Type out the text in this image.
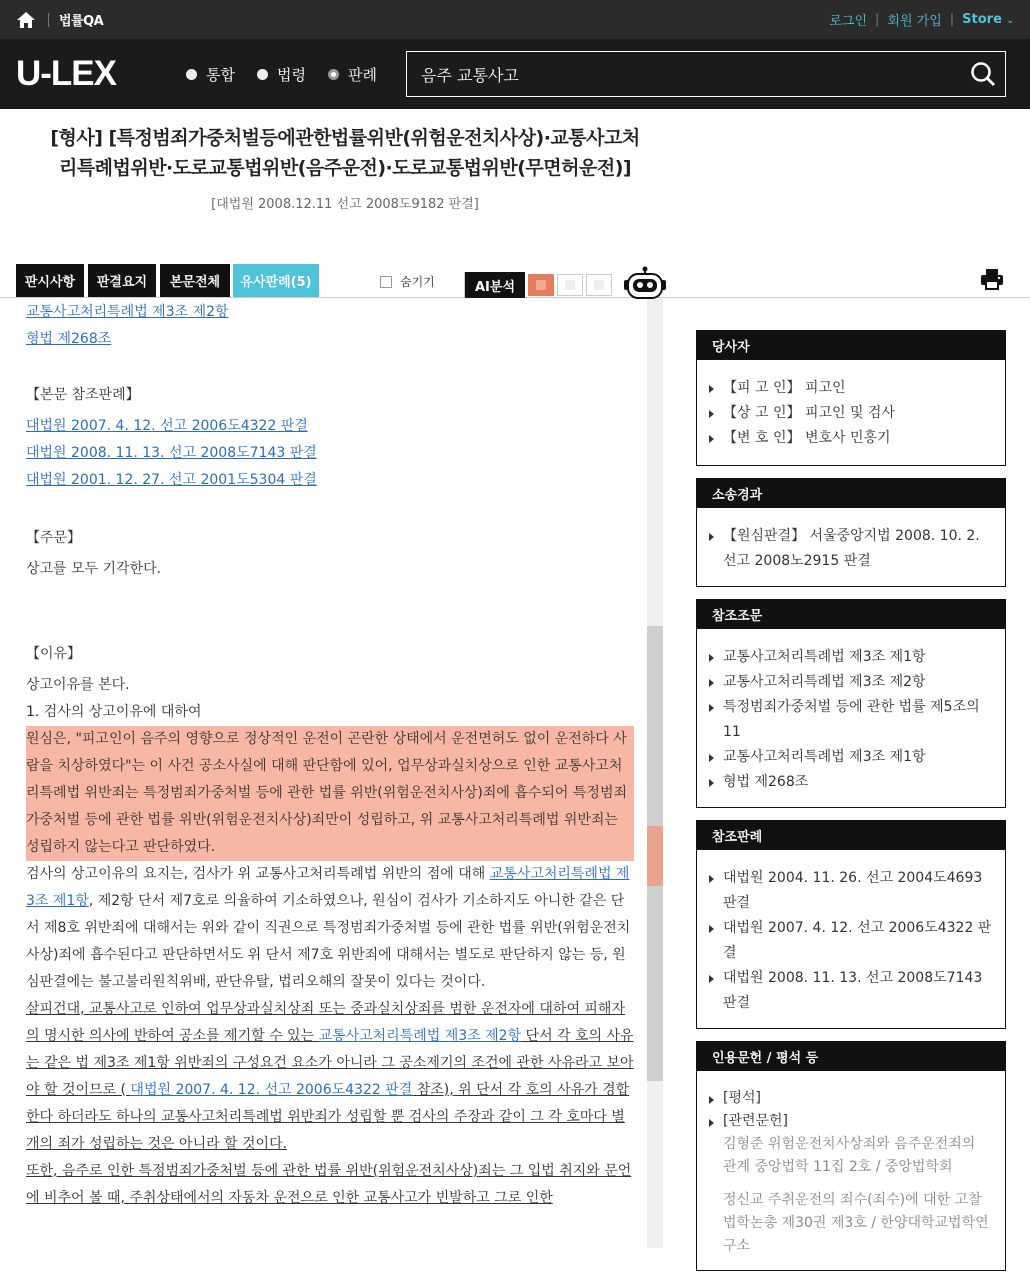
법률QA	로그인 | 회원 가입 | Store ⌄
U-LEX	통합	법령	판례
음주 교통사고
[형사] [특정범죄가중처벌등에관한법률위반(위험운전치사상)·교통사고처리특례법위반·도로교통법위반(음주운전)·도로교통법위반(무면허운전)]
[대법원 2008.12.11 선고 2008도9182 판결]
판시사항	판결요지	본문전체	유사판례(5)	숨기기	AI분석
교통사고처리특례법 제3조 제2항
형법 제268조
【본문 참조판례】
대법원 2007. 4. 12. 선고 2006도4322 판결
대법원 2008. 11. 13. 선고 2008도7143 판결
대법원 2001. 12. 27. 선고 2001도5304 판결
【주문】
상고를 모두 기각한다.
【이유】
상고이유를 본다.
1. 검사의 상고이유에 대하여
원심은, "피고인이 음주의 영향으로 정상적인 운전이 곤란한 상태에서 운전면허도 없이 운전하다 사람을 치상하였다"는 이 사건 공소사실에 대해 판단함에 있어, 업무상과실치상으로 인한 교통사고처리특례법 위반죄는 특정범죄가중처벌 등에 관한 법률 위반(위험운전치사상)죄에 흡수되어 특정범죄가중처벌 등에 관한 법률 위반(위험운전치사상)죄만이 성립하고, 위 교통사고처리특례법 위반죄는 성립하지 않는다고 판단하였다.
검사의 상고이유의 요지는, 검사가 위 교통사고처리특례법 위반의 점에 대해 교통사고처리특례법 제3조 제1항, 제2항 단서 제7호로 의율하여 기소하였으나, 원심이 검사가 기소하지도 아니한 같은 단서 제8호 위반죄에 대해서는 위와 같이 직권으로 특정범죄가중처벌 등에 관한 법률 위반(위험운전치사상)죄에 흡수된다고 판단하면서도 위 단서 제7호 위반죄에 대해서는 별도로 판단하지 않는 등, 원심판결에는 불고불리원칙위배, 판단유탈, 법리오해의 잘못이 있다는 것이다.
살피건대, 교통사고로 인하여 업무상과실치상죄 또는 중과실치상죄를 범한 운전자에 대하여 피해자의 명시한 의사에 반하여 공소를 제기할 수 있는 교통사고처리특례법 제3조 제2항 단서 각 호의 사유는 같은 법 제3조 제1항 위반죄의 구성요건 요소가 아니라 그 공소제기의 조건에 관한 사유라고 보아야 할 것이므로 ( 대법원 2007. 4. 12. 선고 2006도4322 판결 참조), 위 단서 각 호의 사유가 경합한다 하더라도 하나의 교통사고처리특례법 위반죄가 성립할 뿐 검사의 주장과 같이 그 각 호마다 별개의 죄가 성립하는 것은 아니라 할 것이다.
또한, 음주로 인한 특정범죄가중처벌 등에 관한 법률 위반(위험운전치사상)죄는 그 입법 취지와 문언에 비추어 볼 때, 주취상태에서의 자동차 운전으로 인한 교통사고가 빈발하고 그로 인한
당사자
【피 고 인】
피고인
【상 고 인】
피고인 및 검사
【변 호 인】
변호사 민홍기
소송경과
【원심판결】 서울중앙지법 2008. 10. 2. 선고 2008노2915 판결
참조조문
교통사고처리특례법 제3조 제1항
교통사고처리특례법 제3조 제2항
특정범죄가중처벌 등에 관한 법률 제5조의11
교통사고처리특례법 제3조 제1항
형법 제268조
참조판례
대법원 2004. 11. 26. 선고 2004도4693 판결
대법원 2007. 4. 12. 선고 2006도4322 판결
대법원 2008. 11. 13. 선고 2008도7143 판결
인용문헌 / 평석 등
[평석]
[관련문헌]
김형준 위험운전치사상죄와 음주운전죄의 관계 중앙법학 11집 2호 / 중앙법학회
정신교 주취운전의 죄수(죄수)에 대한 고찰 법학논총 제30권 제3호 / 한양대학교법학연구소
